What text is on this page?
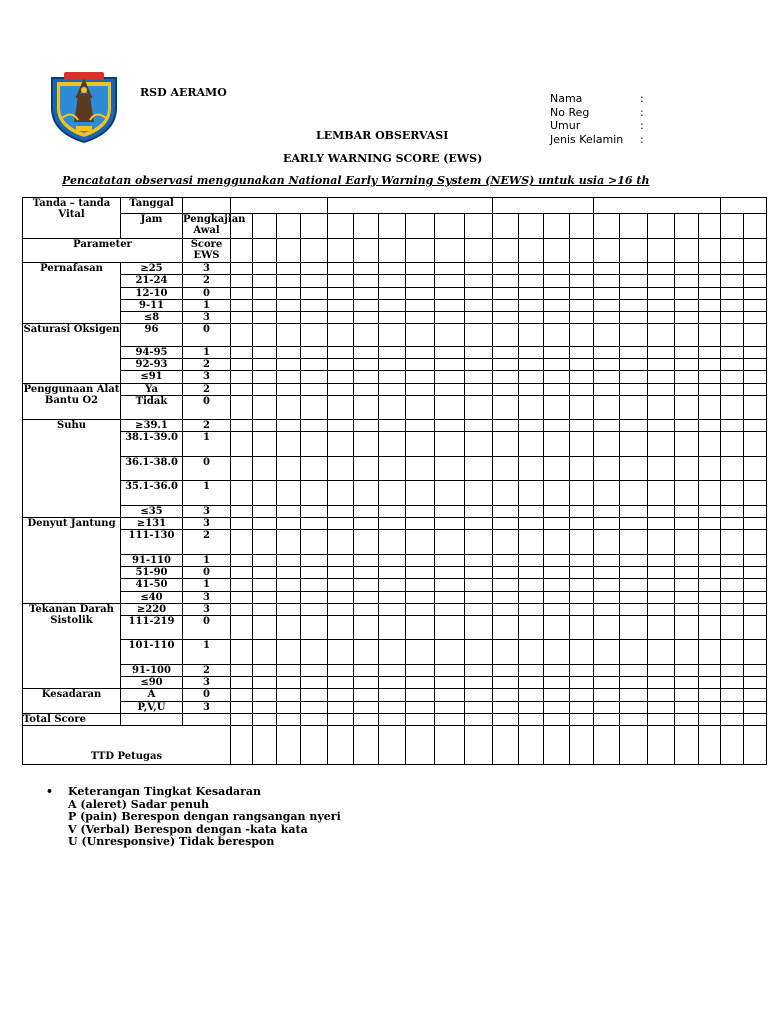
RSD AERAMO	Nama	:
No Reg	:
Umur	:
Jenis Kelamin :
LEMBAR OBSERVASI
EARLY WARNING SCORE (EWS)
Pencatatan observasi menggunakan National Early Warning System (NEWS) untuk usia >16 th
Tanda – tanda Vital	Tanggal																						
	Jam	Pengkajian Awal																					
Parameter		Score EWS																					
Pernafasan	≥25	3																					
	21-24	2																					
	12-10	0																					
	9-11	1																					
	≤8	3																					
Saturasi Oksigen	96	0																					
	94-95	1																					
	92-93	2																					
	≤91	3																					
Penggunaan Alat Bantu O2	Ya	2																					
	Tidak	0																					
Suhu	≥39.1	2																					
	38.1-39.0	1																					
	36.1-38.0	0																					
	35.1-36.0	1																					
	≤35	3																					
Denyut Jantung	≥131	3																					
	111-130	2																					
	91-110	1																					
	51-90	0																					
	41-50	1																					
	≤40	3																					
Tekanan Darah Sistolik	≥220	3																					
	111-219	0																					
	101-110	1																					
	91-100	2																					
	≤90	3																					
Kesadaran	A	0																					
	P,V,U	3																					
Total Score																							
TTD Petugas																							
• Keterangan Tingkat Kesadaran
A (aleret) Sadar penuh
P (pain) Berespon dengan rangsangan nyeri
V (Verbal) Berespon dengan -kata kata
U (Unresponsive) Tidak berespon
